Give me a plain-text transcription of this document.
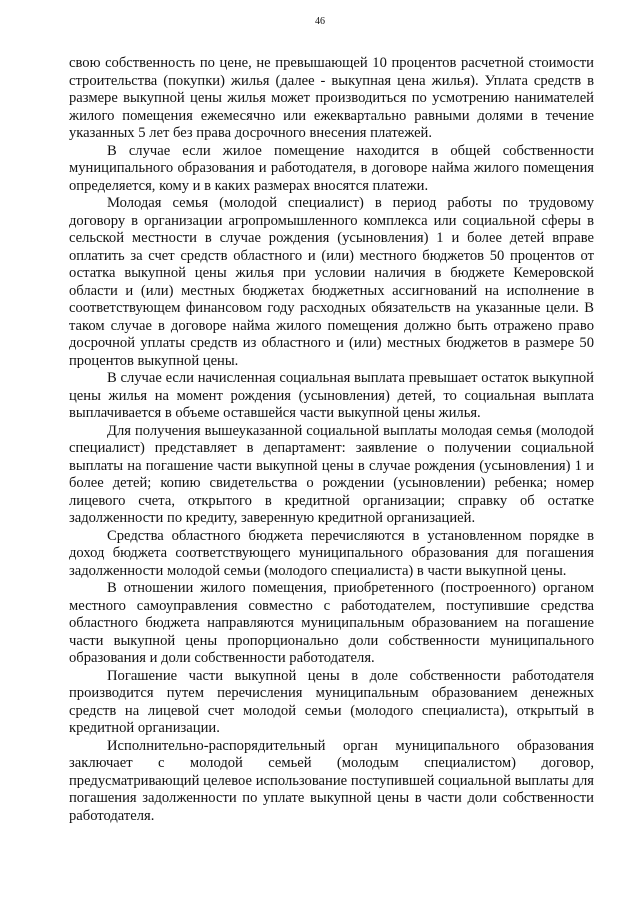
46

свою собственность по цене, не превышающей 10 процентов расчетной стоимости строительства (покупки) жилья (далее - выкупная цена жилья). Уплата средств в размере выкупной цены жилья может производиться по усмотрению нанимателей жилого помещения ежемесячно или ежеквартально равными долями в течение указанных 5 лет без права досрочного внесения платежей.

В случае если жилое помещение находится в общей собственности муниципального образования и работодателя, в договоре найма жилого помещения определяется, кому и в каких размерах вносятся платежи.

Молодая семья (молодой специалист) в период работы по трудовому договору в организации агропромышленного комплекса или социальной сферы в сельской местности в случае рождения (усыновления) 1 и более детей вправе оплатить за счет средств областного и (или) местного бюджетов 50 процентов от остатка выкупной цены жилья при условии наличия в бюджете Кемеровской области и (или) местных бюджетах бюджетных ассигнований на исполнение в соответствующем финансовом году расходных обязательств на указанные цели. В таком случае в договоре найма жилого помещения должно быть отражено право досрочной уплаты средств из областного и (или) местных бюджетов в размере 50 процентов выкупной цены.

В случае если начисленная социальная выплата превышает остаток выкупной цены жилья на момент рождения (усыновления) детей, то социальная выплата выплачивается в объеме оставшейся части выкупной цены жилья.

Для получения вышеуказанной социальной выплаты молодая семья (молодой специалист) представляет в департамент: заявление о получении социальной выплаты на погашение части выкупной цены в случае рождения (усыновления) 1 и более детей; копию свидетельства о рождении (усыновлении) ребенка; номер лицевого счета, открытого в кредитной организации; справку об остатке задолженности по кредиту, заверенную кредитной организацией.

Средства областного бюджета перечисляются в установленном порядке в доход бюджета соответствующего муниципального образования для погашения задолженности молодой семьи (молодого специалиста) в части выкупной цены.

В отношении жилого помещения, приобретенного (построенного) органом местного самоуправления совместно с работодателем, поступившие средства областного бюджета направляются муниципальным образованием на погашение части выкупной цены пропорционально доли собственности муниципального образования и доли собственности работодателя.

Погашение части выкупной цены в доле собственности работодателя производится путем перечисления муниципальным образованием денежных средств на лицевой счет молодой семьи (молодого специалиста), открытый в кредитной организации.

Исполнительно-распорядительный орган муниципального образования заключает с молодой семьей (молодым специалистом) договор, предусматривающий целевое использование поступившей социальной выплаты для погашения задолженности по уплате выкупной цены в части доли собственности работодателя.
